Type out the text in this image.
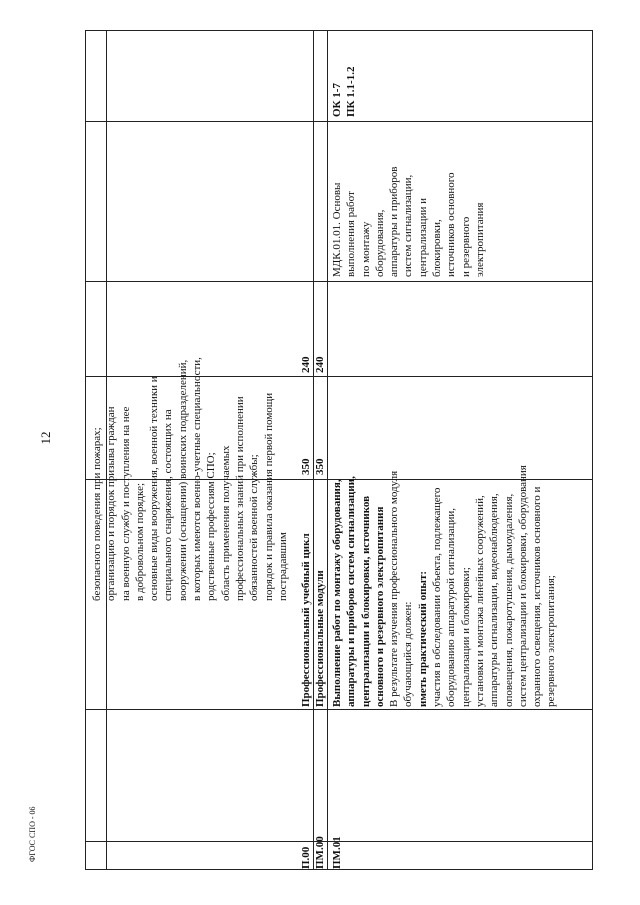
12
ФГОС СПО - 06
безопасного поведения при пожарах; организацию и порядок призыва граждан на военную службу и поступления на нее в добровольном порядке; основные виды вооружения, военной техники и специального снаряжения, состоящих на вооружении (оснащении) воинских подразделений, в которых имеются военно-учетные специальности, родственные профессиям СПО; область применения получаемых профессиональных знаний при исполнении обязанностей военной службы; порядок и правила оказания первой помощи пострадавшим
П.00
Профессиональный учебный цикл
350
240
ПМ.00
Профессиональные модули
350
240
ПМ.01
Выполнение работ по монтажу оборудования, аппаратуры и приборов систем сигнализации, централизации и блокировки, источников основного и резервного электропитания В результате изучения профессионального модуля обучающийся должен: иметь практический опыт: участия в обследовании объекта, подлежащего оборудованию аппаратурой сигнализации, централизации и блокировки; установки и монтажа линейных сооружений, аппаратуры сигнализации, видеонаблюдения, оповещения, пожаротушения, дымоудаления, систем централизации и блокировки, оборудования охранного освещения, источников основного и резервного электропитания;
МДК.01.01. Основы выполнения работ по монтажу оборудования, аппаратуры и приборов систем сигнализации, централизации и блокировки, источников основного и резервного электропитания
ОК 1-7 ПК 1.1-1.2
